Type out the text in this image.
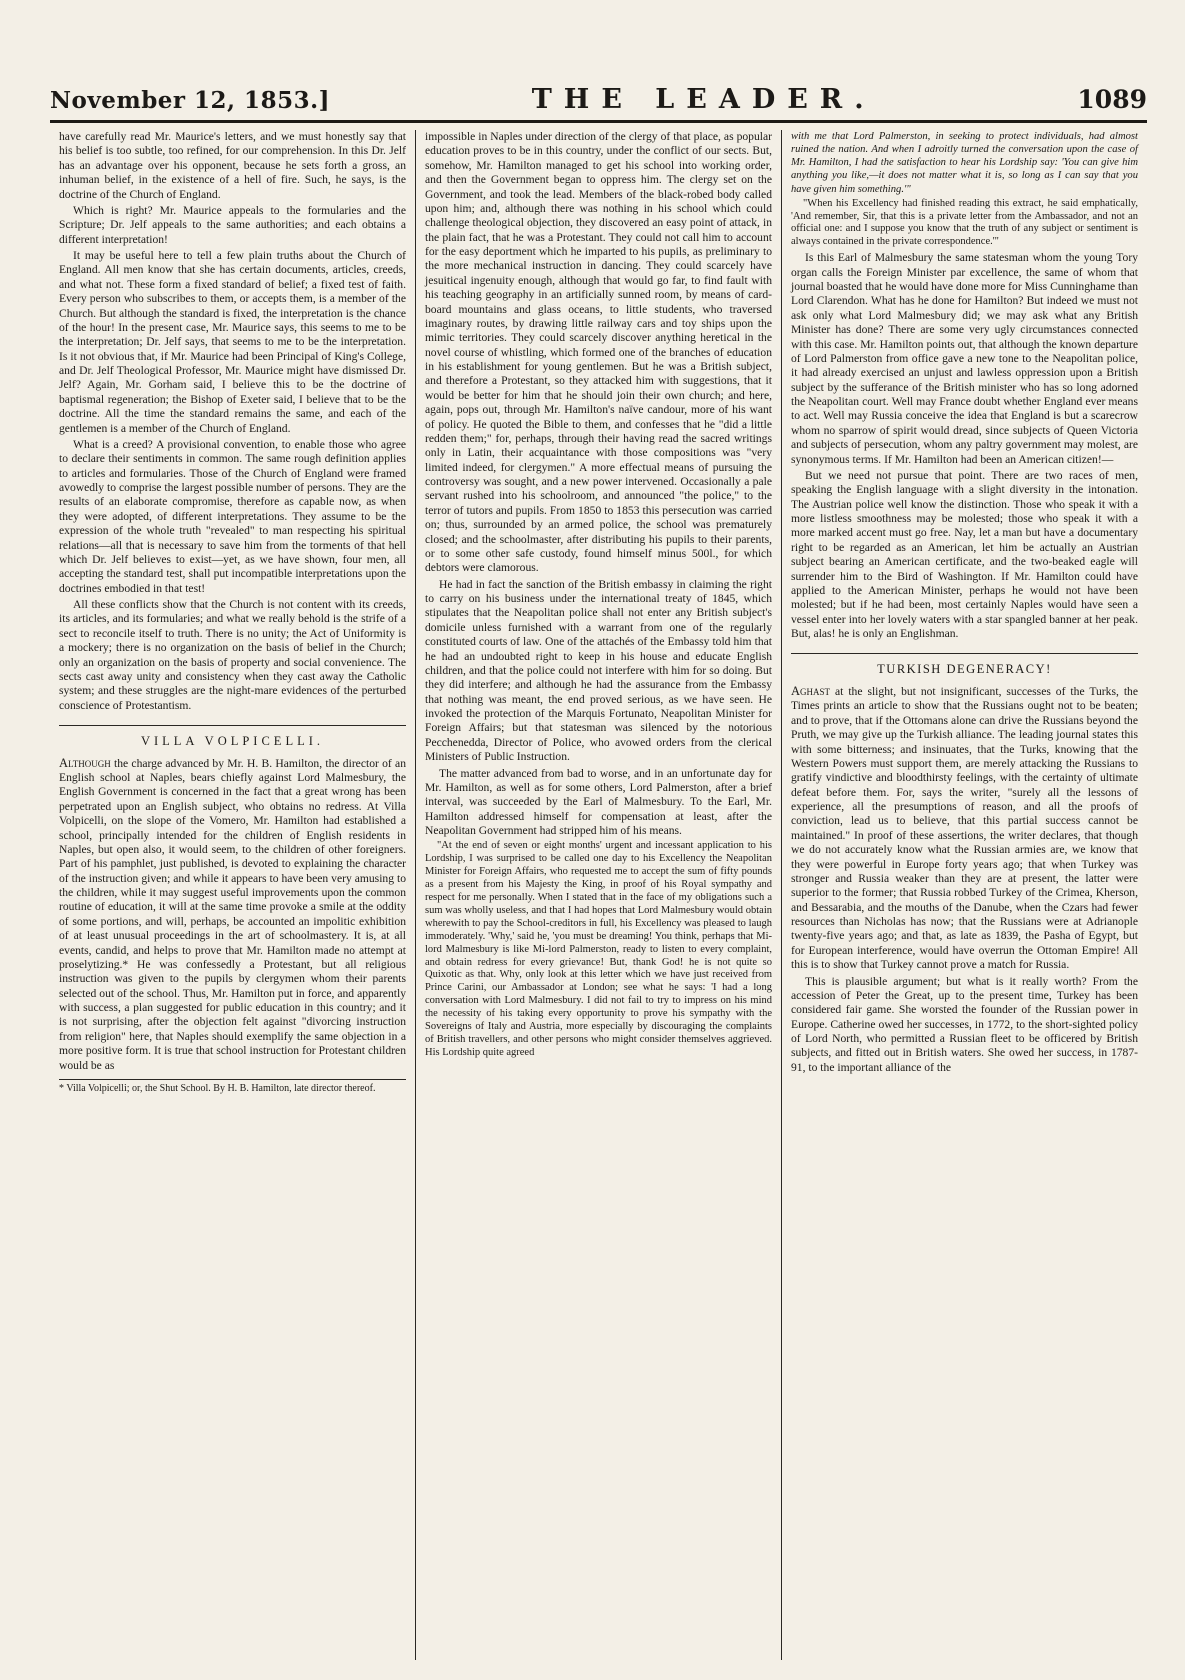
November 12, 1853.]	THE LEADER.	1089

have carefully read Mr. Maurice's letters, and we must honestly say that his belief is too subtle, too refined, for our comprehension. In this Dr. Jelf has an advantage over his opponent, because he sets forth a gross, an inhuman belief, in the existence of a hell of fire. Such, he says, is the doctrine of the Church of England.

Which is right? Mr. Maurice appeals to the formularies and the Scripture; Dr. Jelf appeals to the same authorities; and each obtains a different interpretation!

It may be useful here to tell a few plain truths about the Church of England. All men know that she has certain documents, articles, creeds, and what not. These form a fixed standard of belief; a fixed test of faith. Every person who subscribes to them, or accepts them, is a member of the Church. But although the standard is fixed, the interpretation is the chance of the hour! In the present case, Mr. Maurice says, this seems to me to be the interpretation; Dr. Jelf says, that seems to me to be the interpretation. Is it not obvious that, if Mr. Maurice had been Principal of King's College, and Dr. Jelf Theological Professor, Mr. Maurice might have dismissed Dr. Jelf? Again, Mr. Gorham said, I believe this to be the doctrine of baptismal regeneration; the Bishop of Exeter said, I believe that to be the doctrine. All the time the standard remains the same, and each of the gentlemen is a member of the Church of England.

What is a creed? A provisional convention, to enable those who agree to declare their sentiments in common. The same rough definition applies to articles and formularies. Those of the Church of England were framed avowedly to comprise the largest possible number of persons. They are the results of an elaborate compromise, therefore as capable now, as when they were adopted, of different interpretations. They assume to be the expression of the whole truth "revealed" to man respecting his spiritual relations—all that is necessary to save him from the torments of that hell which Dr. Jelf believes to exist—yet, as we have shown, four men, all accepting the standard test, shall put incompatible interpretations upon the doctrines embodied in that test!

All these conflicts show that the Church is not content with its creeds, its articles, and its formularies; and what we really behold is the strife of a sect to reconcile itself to truth. There is no unity; the Act of Uniformity is a mockery; there is no organization on the basis of belief in the Church; only an organization on the basis of property and social convenience. The sects cast away unity and consistency when they cast away the Catholic system; and these struggles are the night-mare evidences of the perturbed conscience of Protestantism.

VILLA VOLPICELLI.

Although the charge advanced by Mr. H. B. Hamilton, the director of an English school at Naples, bears chiefly against Lord Malmesbury, the English Government is concerned in the fact that a great wrong has been perpetrated upon an English subject, who obtains no redress. At Villa Volpicelli, on the slope of the Vomero, Mr. Hamilton had established a school, principally intended for the children of English residents in Naples, but open also, it would seem, to the children of other foreigners. Part of his pamphlet, just published, is devoted to explaining the character of the instruction given; and while it appears to have been very amusing to the children, while it may suggest useful improvements upon the common routine of education, it will at the same time provoke a smile at the oddity of some portions, and will, perhaps, be accounted an impolitic exhibition of at least unusual proceedings in the art of schoolmastery. It is, at all events, candid, and helps to prove that Mr. Hamilton made no attempt at proselytizing.* He was confessedly a Protestant, but all religious instruction was given to the pupils by clergymen whom their parents selected out of the school. Thus, Mr. Hamilton put in force, and apparently with success, a plan suggested for public education in this country; and it is not surprising, after the objection felt against "divorcing instruction from religion" here, that Naples should exemplify the same objection in a more positive form. It is true that school instruction for Protestant children would be as

* Villa Volpicelli; or, the Shut School. By H. B. Hamilton, late director thereof.

impossible in Naples under direction of the clergy of that place, as popular education proves to be in this country, under the conflict of our sects. But, somehow, Mr. Hamilton managed to get his school into working order, and then the Government began to oppress him. The clergy set on the Government, and took the lead. Members of the black-robed body called upon him; and, although there was nothing in his school which could challenge theological objection, they discovered an easy point of attack, in the plain fact, that he was a Protestant. They could not call him to account for the easy deportment which he imparted to his pupils, as preliminary to the more mechanical instruction in dancing. They could scarcely have jesuitical ingenuity enough, although that would go far, to find fault with his teaching geography in an artificially sunned room, by means of card-board mountains and glass oceans, to little students, who traversed imaginary routes, by drawing little railway cars and toy ships upon the mimic territories. They could scarcely discover anything heretical in the novel course of whistling, which formed one of the branches of education in his establishment for young gentlemen. But he was a British subject, and therefore a Protestant, so they attacked him with suggestions, that it would be better for him that he should join their own church; and here, again, pops out, through Mr. Hamilton's naïve candour, more of his want of policy. He quoted the Bible to them, and confesses that he "did a little redden them;" for, perhaps, through their having read the sacred writings only in Latin, their acquaintance with those compositions was "very limited indeed, for clergymen." A more effectual means of pursuing the controversy was sought, and a new power intervened. Occasionally a pale servant rushed into his schoolroom, and announced "the police," to the terror of tutors and pupils. From 1850 to 1853 this persecution was carried on; thus, surrounded by an armed police, the school was prematurely closed; and the schoolmaster, after distributing his pupils to their parents, or to some other safe custody, found himself minus 500l., for which debtors were clamorous.

He had in fact the sanction of the British embassy in claiming the right to carry on his business under the international treaty of 1845, which stipulates that the Neapolitan police shall not enter any British subject's domicile unless furnished with a warrant from one of the regularly constituted courts of law. One of the attachés of the Embassy told him that he had an undoubted right to keep in his house and educate English children, and that the police could not interfere with him for so doing. But they did interfere; and although he had the assurance from the Embassy that nothing was meant, the end proved serious, as we have seen. He invoked the protection of the Marquis Fortunato, Neapolitan Minister for Foreign Affairs; but that statesman was silenced by the notorious Pecchenedda, Director of Police, who avowed orders from the clerical Ministers of Public Instruction.

The matter advanced from bad to worse, and in an unfortunate day for Mr. Hamilton, as well as for some others, Lord Palmerston, after a brief interval, was succeeded by the Earl of Malmesbury. To the Earl, Mr. Hamilton addressed himself for compensation at least, after the Neapolitan Government had stripped him of his means.

"At the end of seven or eight months' urgent and incessant application to his Lordship, I was surprised to be called one day to his Excellency the Neapolitan Minister for Foreign Affairs, who requested me to accept the sum of fifty pounds as a present from his Majesty the King, in proof of his Royal sympathy and respect for me personally. When I stated that in the face of my obligations such a sum was wholly useless, and that I had hopes that Lord Malmesbury would obtain wherewith to pay the School-creditors in full, his Excellency was pleased to laugh immoderately. 'Why,' said he, 'you must be dreaming! You think, perhaps that Mi-lord Malmesbury is like Mi-lord Palmerston, ready to listen to every complaint, and obtain redress for every grievance! But, thank God! he is not quite so Quixotic as that. Why, only look at this letter which we have just received from Prince Carini, our Ambassador at London; see what he says: 'I had a long conversation with Lord Malmesbury. I did not fail to try to impress on his mind the necessity of his taking every opportunity to prove his sympathy with the Sovereigns of Italy and Austria, more especially by discouraging the complaints of British travellers, and other persons who might consider themselves aggrieved. His Lordship quite agreed

with me that Lord Palmerston, in seeking to protect individuals, had almost ruined the nation. And when I adroitly turned the conversation upon the case of Mr. Hamilton, I had the satisfaction to hear his Lordship say: 'You can give him anything you like,—it does not matter what it is, so long as I can say that you have given him something.'"

"When his Excellency had finished reading this extract, he said emphatically, 'And remember, Sir, that this is a private letter from the Ambassador, and not an official one: and I suppose you know that the truth of any subject or sentiment is always contained in the private correspondence.'"

Is this Earl of Malmesbury the same statesman whom the young Tory organ calls the Foreign Minister par excellence, the same of whom that journal boasted that he would have done more for Miss Cunninghame than Lord Clarendon. What has he done for Hamilton? But indeed we must not ask only what Lord Malmesbury did; we may ask what any British Minister has done? There are some very ugly circumstances connected with this case. Mr. Hamilton points out, that although the known departure of Lord Palmerston from office gave a new tone to the Neapolitan police, it had already exercised an unjust and lawless oppression upon a British subject by the sufferance of the British minister who has so long adorned the Neapolitan court. Well may France doubt whether England ever means to act. Well may Russia conceive the idea that England is but a scarecrow whom no sparrow of spirit would dread, since subjects of Queen Victoria and subjects of persecution, whom any paltry government may molest, are synonymous terms. If Mr. Hamilton had been an American citizen!—

But we need not pursue that point. There are two races of men, speaking the English language with a slight diversity in the intonation. The Austrian police well know the distinction. Those who speak it with a more listless smoothness may be molested; those who speak it with a more marked accent must go free. Nay, let a man but have a documentary right to be regarded as an American, let him be actually an Austrian subject bearing an American certificate, and the two-beaked eagle will surrender him to the Bird of Washington. If Mr. Hamilton could have applied to the American Minister, perhaps he would not have been molested; but if he had been, most certainly Naples would have seen a vessel enter into her lovely waters with a star spangled banner at her peak. But, alas! he is only an Englishman.

TURKISH DEGENERACY!

Aghast at the slight, but not insignificant, successes of the Turks, the Times prints an article to show that the Russians ought not to be beaten; and to prove, that if the Ottomans alone can drive the Russians beyond the Pruth, we may give up the Turkish alliance. The leading journal states this with some bitterness; and insinuates, that the Turks, knowing that the Western Powers must support them, are merely attacking the Russians to gratify vindictive and bloodthirsty feelings, with the certainty of ultimate defeat before them. For, says the writer, "surely all the lessons of experience, all the presumptions of reason, and all the proofs of conviction, lead us to believe, that this partial success cannot be maintained." In proof of these assertions, the writer declares, that though we do not accurately know what the Russian armies are, we know that they were powerful in Europe forty years ago; that when Turkey was stronger and Russia weaker than they are at present, the latter were superior to the former; that Russia robbed Turkey of the Crimea, Kherson, and Bessarabia, and the mouths of the Danube, when the Czars had fewer resources than Nicholas has now; that the Russians were at Adrianople twenty-five years ago; and that, as late as 1839, the Pasha of Egypt, but for European interference, would have overrun the Ottoman Empire! All this is to show that Turkey cannot prove a match for Russia.

This is plausible argument; but what is it really worth? From the accession of Peter the Great, up to the present time, Turkey has been considered fair game. She worsted the founder of the Russian power in Europe. Catherine owed her successes, in 1772, to the short-sighted policy of Lord North, who permitted a Russian fleet to be officered by British subjects, and fitted out in British waters. She owed her success, in 1787-91, to the important alliance of the
